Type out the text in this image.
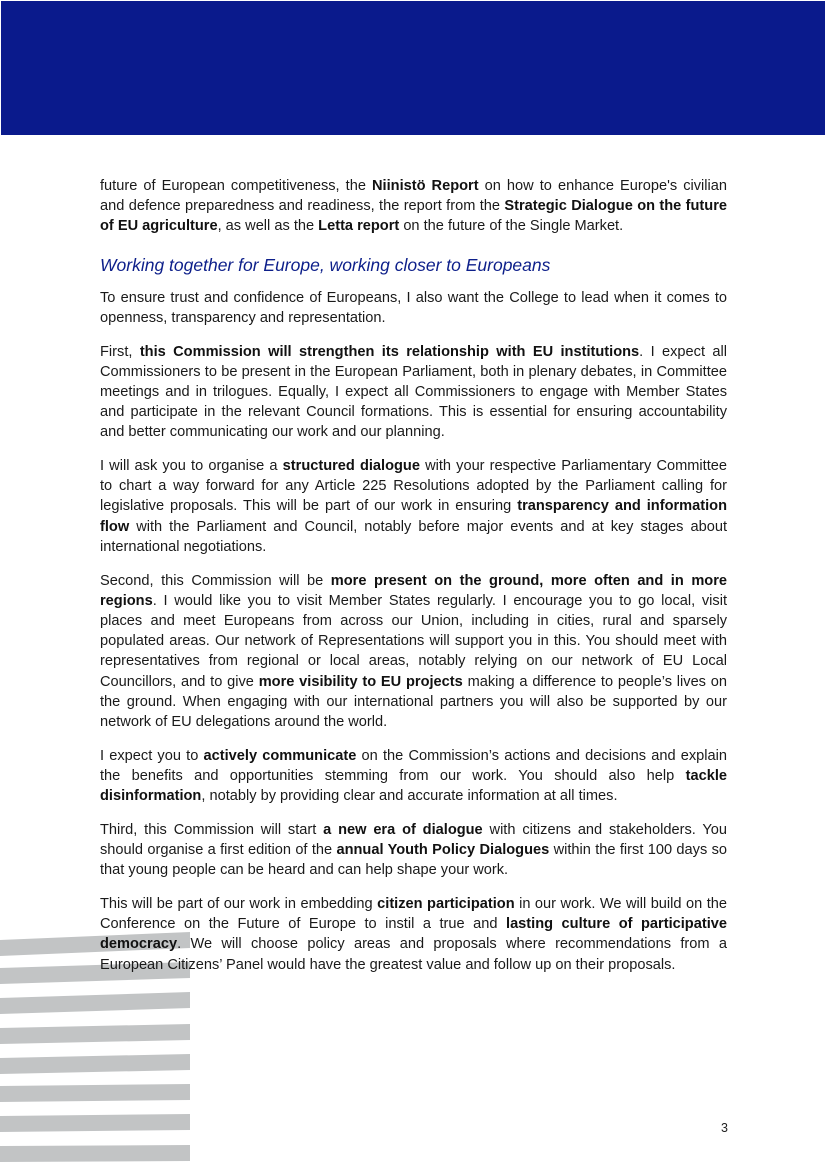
future of European competitiveness, the Niinistö Report on how to enhance Europe's civilian and defence preparedness and readiness, the report from the Strategic Dialogue on the future of EU agriculture, as well as the Letta report on the future of the Single Market.

Working together for Europe, working closer to Europeans

To ensure trust and confidence of Europeans, I also want the College to lead when it comes to openness, transparency and representation.

First, this Commission will strengthen its relationship with EU institutions. I expect all Commissioners to be present in the European Parliament, both in plenary debates, in Committee meetings and in trilogues. Equally, I expect all Commissioners to engage with Member States and participate in the relevant Council formations. This is essential for ensuring accountability and better communicating our work and our planning.

I will ask you to organise a structured dialogue with your respective Parliamentary Committee to chart a way forward for any Article 225 Resolutions adopted by the Parliament calling for legislative proposals. This will be part of our work in ensuring transparency and information flow with the Parliament and Council, notably before major events and at key stages about international negotiations.

Second, this Commission will be more present on the ground, more often and in more regions. I would like you to visit Member States regularly. I encourage you to go local, visit places and meet Europeans from across our Union, including in cities, rural and sparsely populated areas. Our network of Representations will support you in this. You should meet with representatives from regional or local areas, notably relying on our network of EU Local Councillors, and to give more visibility to EU projects making a difference to people’s lives on the ground. When engaging with our international partners you will also be supported by our network of EU delegations around the world.

I expect you to actively communicate on the Commission’s actions and decisions and explain the benefits and opportunities stemming from our work. You should also help tackle disinformation, notably by providing clear and accurate information at all times.

Third, this Commission will start a new era of dialogue with citizens and stakeholders. You should organise a first edition of the annual Youth Policy Dialogues within the first 100 days so that young people can be heard and can help shape your work.

This will be part of our work in embedding citizen participation in our work. We will build on the Conference on the Future of Europe to instil a true and lasting culture of participative democracy. We will choose policy areas and proposals where recommendations from a European Citizens’ Panel would have the greatest value and follow up on their proposals.

3
